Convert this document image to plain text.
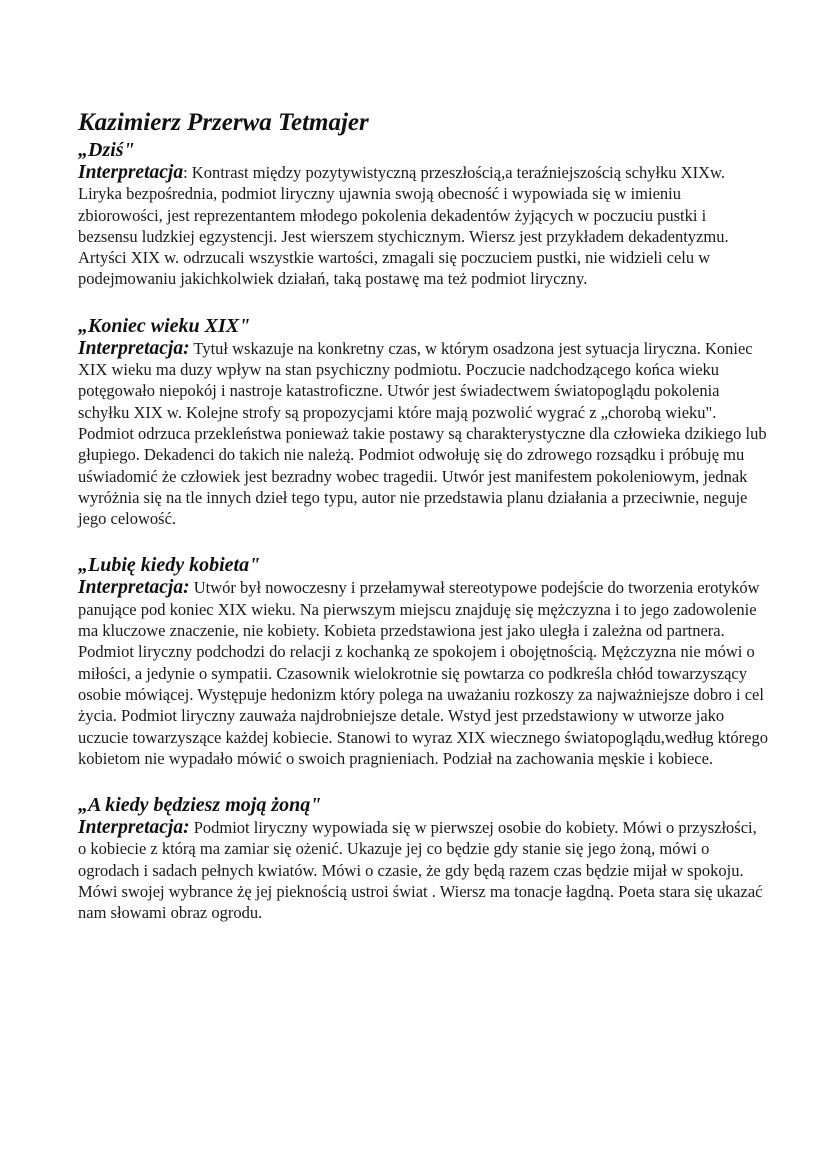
Kazimierz Przerwa Tetmajer
„Dziś"

Interpretacja: Kontrast między pozytywistyczną przeszłością,a teraźniejszością schyłku XIXw. Liryka bezpośrednia, podmiot liryczny ujawnia swoją obecność i wypowiada się w imieniu zbiorowości, jest reprezentantem młodego pokolenia dekadentów żyjących w poczuciu pustki i bezsensu ludzkiej egzystencji. Jest wierszem stychicznym. Wiersz jest przykładem dekadentyzmu. Artyści XIX w. odrzucali wszystkie wartości, zmagali się poczuciem pustki, nie widzieli celu w podejmowaniu jakichkolwiek działań, taką postawę ma też podmiot liryczny.

„Koniec wieku XIX"

Interpretacja: Tytuł wskazuje na konkretny czas, w którym osadzona jest sytuacja liryczna. Koniec XIX wieku ma duzy wpływ na stan psychiczny podmiotu. Poczucie nadchodzącego końca wieku potęgowało niepokój i nastroje katastroficzne. Utwór jest świadectwem światopoglądu pokolenia schyłku XIX w. Kolejne strofy są propozycjami które mają pozwolić wygrać z „chorobą wieku". Podmiot odrzuca przekleństwa ponieważ takie postawy są charakterystyczne dla człowieka dzikiego lub głupiego. Dekadenci do takich nie należą. Podmiot odwołuję się do zdrowego rozsądku i próbuję mu uświadomić że człowiek jest bezradny wobec tragedii. Utwór jest manifestem pokoleniowym, jednak wyróżnia się na tle innych dzieł tego typu, autor nie przedstawia planu działania a przeciwnie, neguje jego celowość.

„Lubię kiedy kobieta"

Interpretacja: Utwór był nowoczesny i przełamywał stereotypowe podejście do tworzenia erotyków panujące pod koniec XIX wieku. Na pierwszym miejscu znajduję się mężczyzna i to jego zadowolenie ma kluczowe znaczenie, nie kobiety. Kobieta przedstawiona jest jako uległa i zależna od partnera. Podmiot liryczny podchodzi do relacji z kochanką ze spokojem i obojętnością. Mężczyzna nie mówi o miłości, a jedynie o sympatii. Czasownik wielokrotnie się powtarza co podkreśla chłód towarzyszący osobie mówiącej. Występuje hedonizm który polega na uważaniu rozkoszy za najważniejsze dobro i cel życia. Podmiot liryczny zauważa najdrobniejsze detale. Wstyd jest przedstawiony w utworze jako uczucie towarzyszące każdej kobiecie. Stanowi to wyraz XIX wiecznego światopoglądu,według którego kobietom nie wypadało mówić o swoich pragnieniach. Podział na zachowania męskie i kobiece.

„A kiedy będziesz moją żoną"

Interpretacja: Podmiot liryczny wypowiada się w pierwszej osobie do kobiety. Mówi o przyszłości, o kobiecie z którą ma zamiar się ożenić. Ukazuje jej co będzie gdy stanie się jego żoną, mówi o ogrodach i sadach pełnych kwiatów. Mówi o czasie, że gdy będą razem czas będzie mijał w spokoju. Mówi swojej wybrance żę jej pieknością ustroi świat . Wiersz ma tonacje łagdną. Poeta stara się ukazać nam słowami obraz ogrodu.
